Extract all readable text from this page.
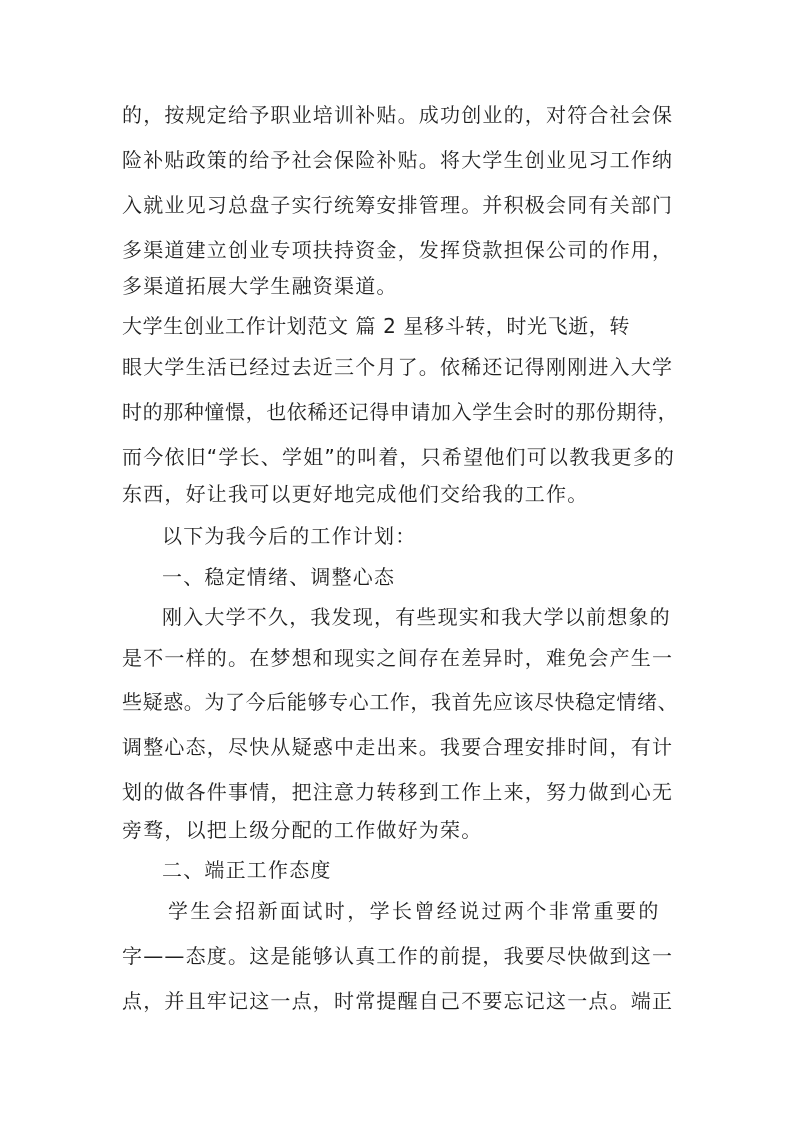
的，按规定给予职业培训补贴。成功创业的，对符合社会保
险补贴政策的给予社会保险补贴。将大学生创业见习工作纳
入就业见习总盘子实行统筹安排管理。并积极会同有关部门
多渠道建立创业专项扶持资金，发挥贷款担保公司的作用，
多渠道拓展大学生融资渠道。
大学生创业工作计划范文 篇 2 星移斗转，时光飞逝，转
眼大学生活已经过去近三个月了。依稀还记得刚刚进入大学
时的那种憧憬，也依稀还记得申请加入学生会时的那份期待，
而今依旧“学长、学姐”的叫着，只希望他们可以教我更多的
东西，好让我可以更好地完成他们交给我的工作。
以下为我今后的工作计划：
一、稳定情绪、调整心态
刚入大学不久，我发现，有些现实和我大学以前想象的
是不一样的。在梦想和现实之间存在差异时，难免会产生一
些疑惑。为了今后能够专心工作，我首先应该尽快稳定情绪、
调整心态，尽快从疑惑中走出来。我要合理安排时间，有计
划的做各件事情，把注意力转移到工作上来，努力做到心无
旁骛，以把上级分配的工作做好为荣。
二、端正工作态度
学生会招新面试时，学长曾经说过两个非常重要的
字——态度。这是能够认真工作的前提，我要尽快做到这一
点，并且牢记这一点，时常提醒自己不要忘记这一点。端正
